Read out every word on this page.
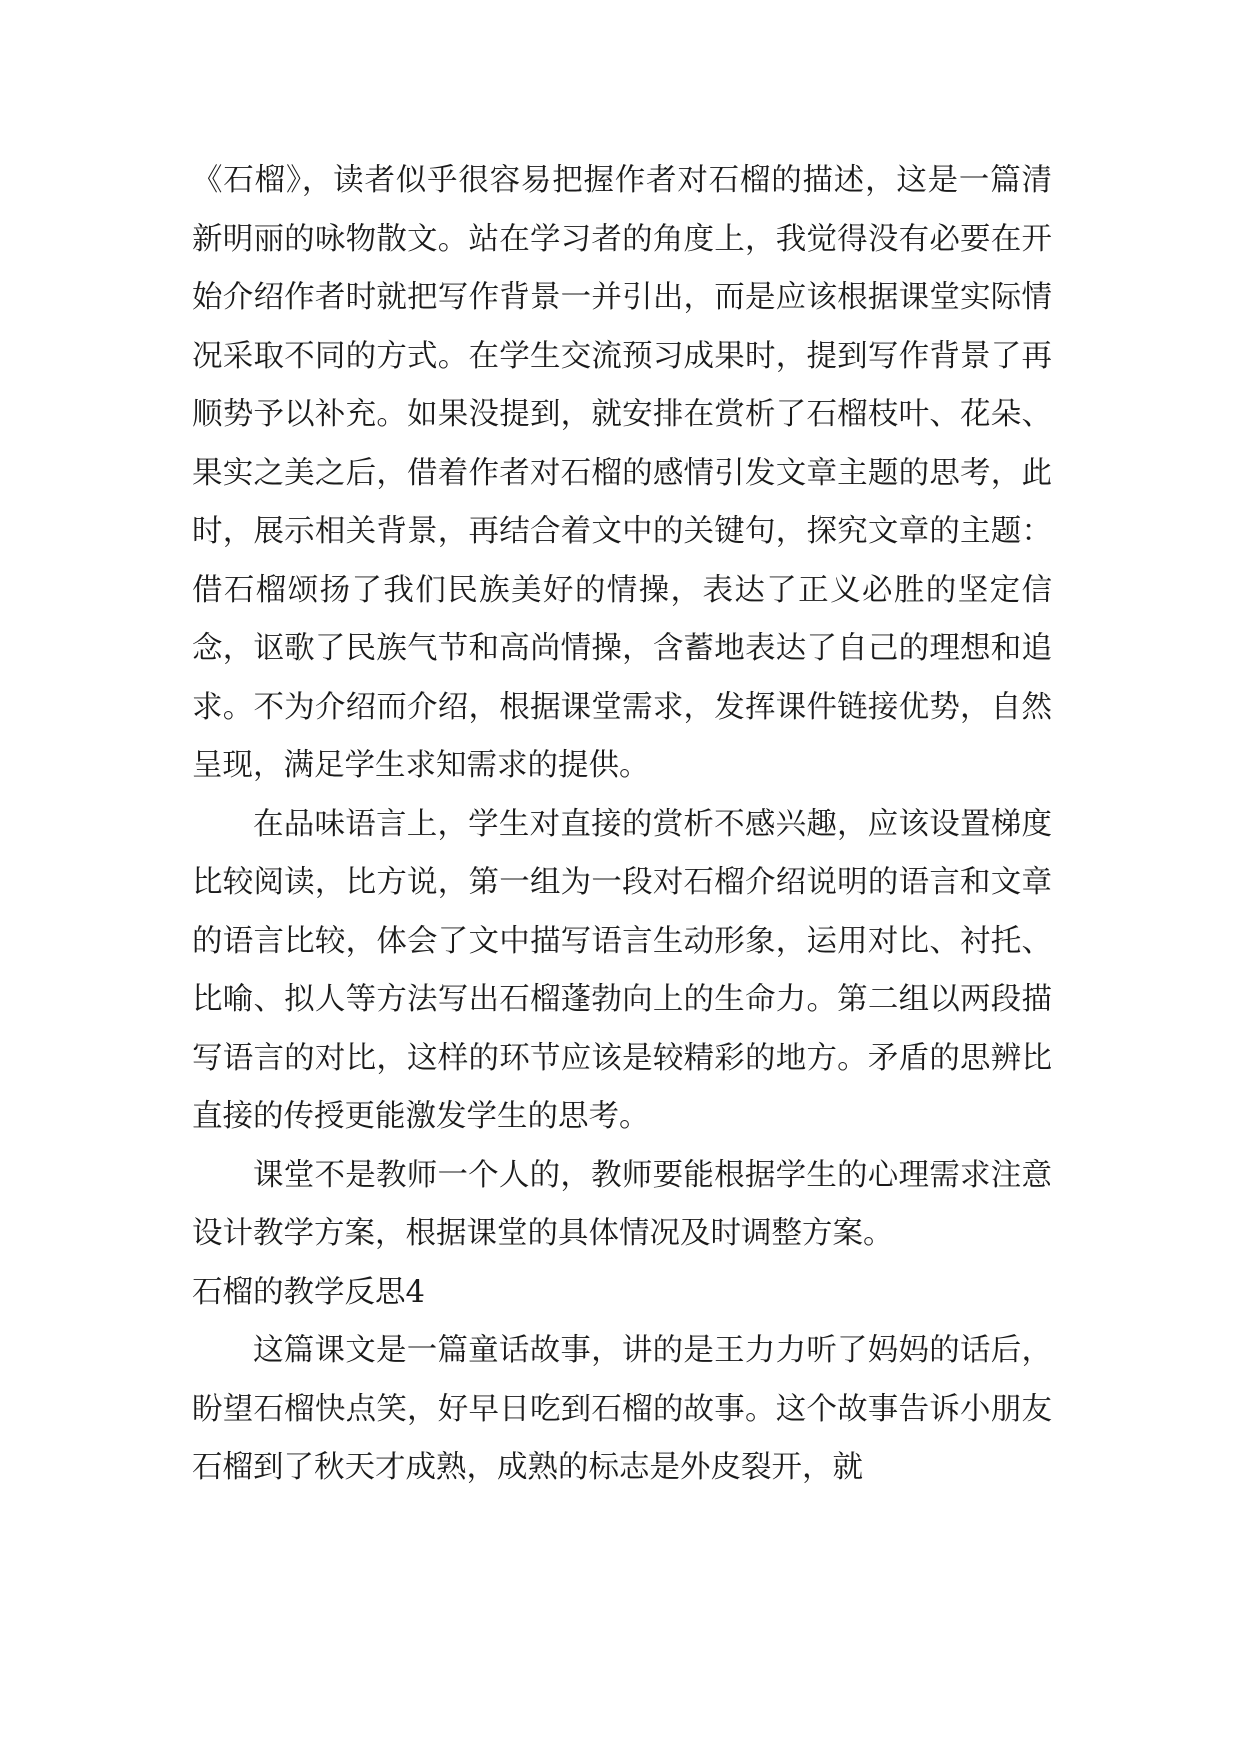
《石榴》，读者似乎很容易把握作者对石榴的描述，这是一篇清新明丽的咏物散文。站在学习者的角度上，我觉得没有必要在开始介绍作者时就把写作背景一并引出，而是应该根据课堂实际情况采取不同的方式。在学生交流预习成果时，提到写作背景了再顺势予以补充。如果没提到，就安排在赏析了石榴枝叶、花朵、果实之美之后，借着作者对石榴的感情引发文章主题的思考，此时，展示相关背景，再结合着文中的关键句，探究文章的主题：借石榴颂扬了我们民族美好的情操，表达了正义必胜的坚定信念，讴歌了民族气节和高尚情操，含蓄地表达了自己的理想和追求。不为介绍而介绍，根据课堂需求，发挥课件链接优势，自然呈现，满足学生求知需求的提供。

在品味语言上，学生对直接的赏析不感兴趣，应该设置梯度比较阅读，比方说，第一组为一段对石榴介绍说明的语言和文章的语言比较，体会了文中描写语言生动形象，运用对比、衬托、比喻、拟人等方法写出石榴蓬勃向上的生命力。第二组以两段描写语言的对比，这样的环节应该是较精彩的地方。矛盾的思辨比直接的传授更能激发学生的思考。

课堂不是教师一个人的，教师要能根据学生的心理需求注意设计教学方案，根据课堂的具体情况及时调整方案。

石榴的教学反思4

这篇课文是一篇童话故事，讲的是王力力听了妈妈的话后，盼望石榴快点笑，好早日吃到石榴的故事。这个故事告诉小朋友石榴到了秋天才成熟，成熟的标志是外皮裂开，就
